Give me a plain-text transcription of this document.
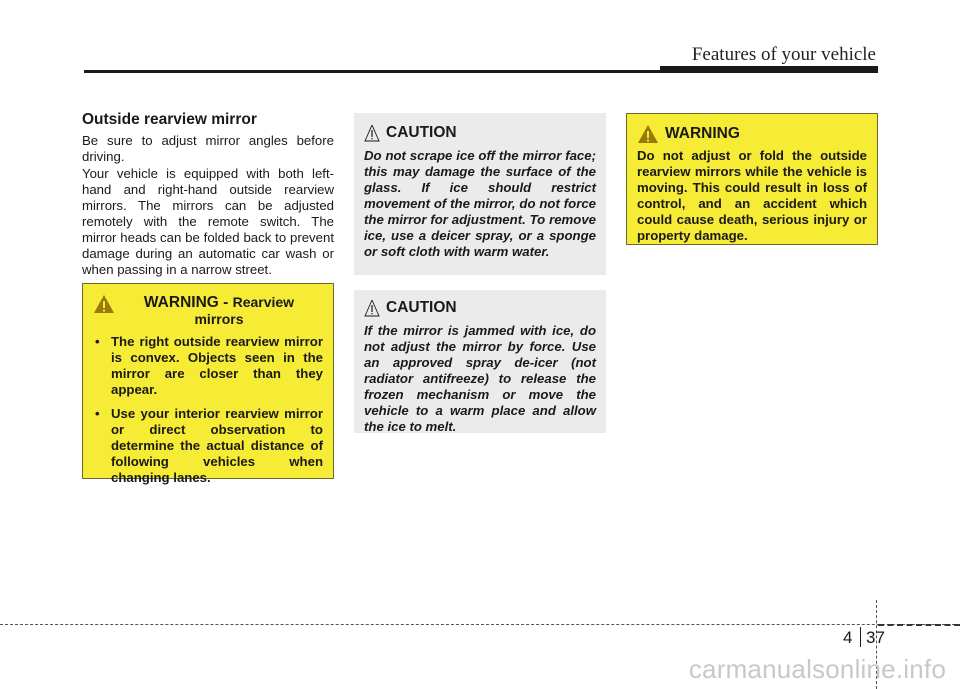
Features of your vehicle
Outside rearview mirror

Be sure to adjust mirror angles before driving.

Your vehicle is equipped with both left-hand and right-hand outside rearview mirrors. The mirrors can be adjusted remotely with the remote switch. The mirror heads can be folded back to prevent damage during an automatic car wash or when passing in a narrow street.

WARNING - Rearview mirrors
• The right outside rearview mirror is convex. Objects seen in the mirror are closer than they appear.
• Use your interior rearview mirror or direct observation to determine the actual distance of following vehicles when changing lanes.
CAUTION

Do not scrape ice off the mirror face; this may damage the surface of the glass. If ice should restrict movement of the mirror, do not force the mirror for adjustment. To remove ice, use a deicer spray, or a sponge or soft cloth with warm water.

CAUTION

If the mirror is jammed with ice, do not adjust the mirror by force. Use an approved spray de-icer (not radiator antifreeze) to release the frozen mechanism or move the vehicle to a warm place and allow the ice to melt.

WARNING

Do not adjust or fold the outside rearview mirrors while the vehicle is moving. This could result in loss of control, and an accident which could cause death, serious injury or property damage.

4 37
carmanualsonline.info
